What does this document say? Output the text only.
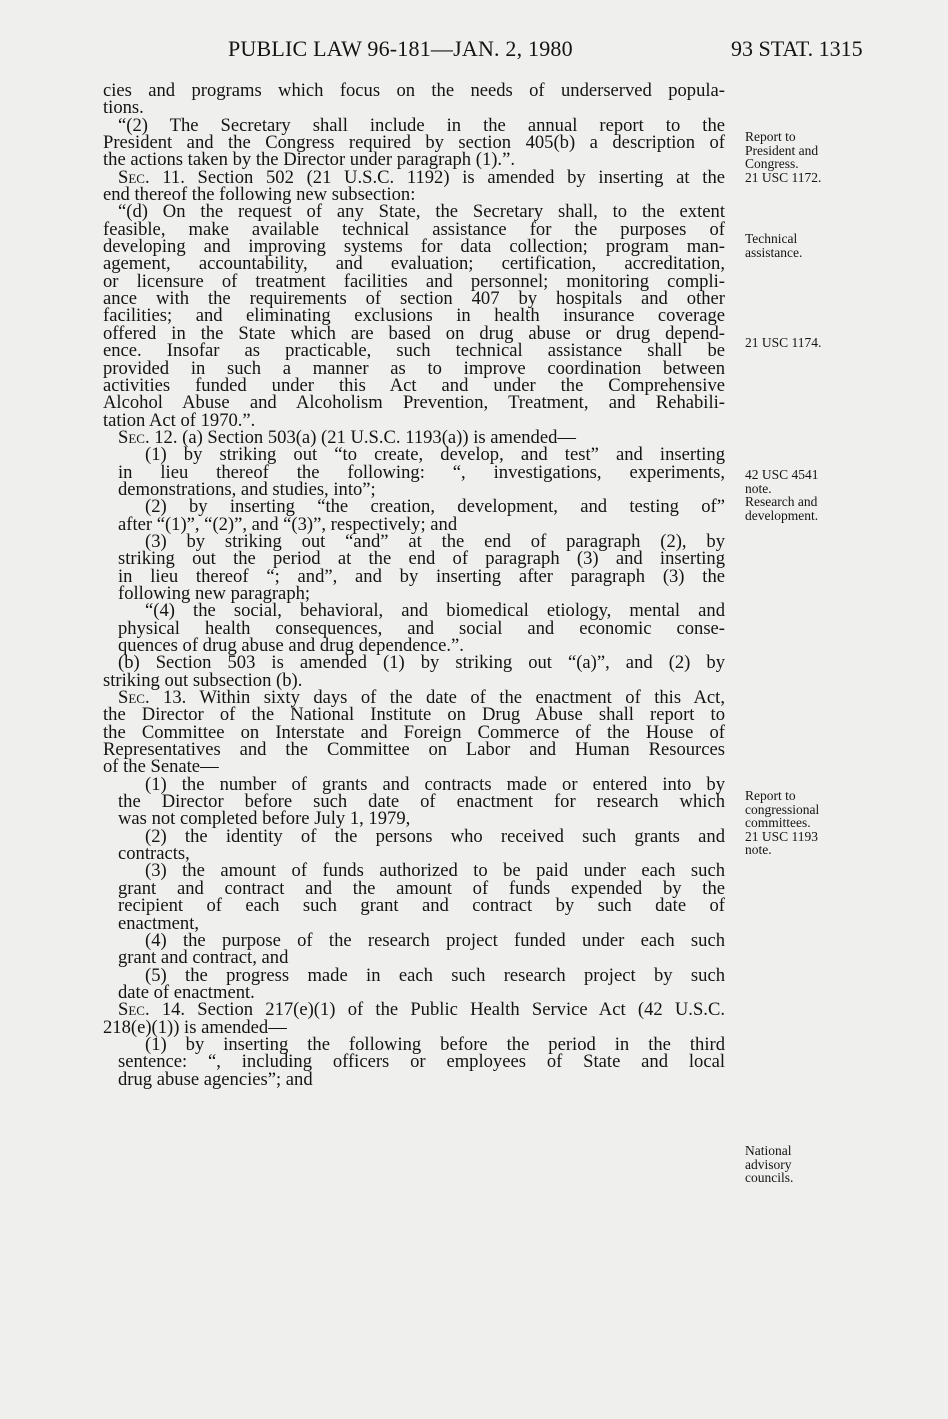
PUBLIC LAW 96-181—JAN. 2, 1980	93 STAT. 1315
cies and programs which focus on the needs of underserved popula-
tions.
“(2) The Secretary shall include in the annual report to the
President and the Congress required by section 405(b) a description of
the actions taken by the Director under paragraph (1).”.
Sec. 11. Section 502 (21 U.S.C. 1192) is amended by inserting at the
end thereof the following new subsection:
“(d) On the request of any State, the Secretary shall, to the extent
feasible, make available technical assistance for the purposes of
developing and improving systems for data collection; program man-
agement, accountability, and evaluation; certification, accreditation,
or licensure of treatment facilities and personnel; monitoring compli-
ance with the requirements of section 407 by hospitals and other
facilities; and eliminating exclusions in health insurance coverage
offered in the State which are based on drug abuse or drug depend-
ence. Insofar as practicable, such technical assistance shall be
provided in such a manner as to improve coordination between
activities funded under this Act and under the Comprehensive
Alcohol Abuse and Alcoholism Prevention, Treatment, and Rehabili-
tation Act of 1970.”.
Sec. 12. (a) Section 503(a) (21 U.S.C. 1193(a)) is amended—
(1) by striking out “to create, develop, and test” and inserting
in lieu thereof the following: “, investigations, experiments,
demonstrations, and studies, into”;
(2) by inserting “the creation, development, and testing of”
after “(1)”, “(2)”, and “(3)”, respectively; and
(3) by striking out “and” at the end of paragraph (2), by
striking out the period at the end of paragraph (3) and inserting
in lieu thereof “; and”, and by inserting after paragraph (3) the
following new paragraph;
“(4) the social, behavioral, and biomedical etiology, mental and
physical health consequences, and social and economic conse-
quences of drug abuse and drug dependence.”.
(b) Section 503 is amended (1) by striking out “(a)”, and (2) by
striking out subsection (b).
Sec. 13. Within sixty days of the date of the enactment of this Act,
the Director of the National Institute on Drug Abuse shall report to
the Committee on Interstate and Foreign Commerce of the House of
Representatives and the Committee on Labor and Human Resources
of the Senate—
(1) the number of grants and contracts made or entered into by
the Director before such date of enactment for research which
was not completed before July 1, 1979,
(2) the identity of the persons who received such grants and
contracts,
(3) the amount of funds authorized to be paid under each such
grant and contract and the amount of funds expended by the
recipient of each such grant and contract by such date of
enactment,
(4) the purpose of the research project funded under each such
grant and contract, and
(5) the progress made in each such research project by such
date of enactment.
Sec. 14. Section 217(e)(1) of the Public Health Service Act (42 U.S.C.
218(e)(1)) is amended—
(1) by inserting the following before the period in the third
sentence: “, including officers or employees of State and local
drug abuse agencies”; and
Report to
President and
Congress.
21 USC 1172.
Technical
assistance.
21 USC 1174.
42 USC 4541
note.
Research and
development.
Report to
congressional
committees.
21 USC 1193
note.
National
advisory
councils.
